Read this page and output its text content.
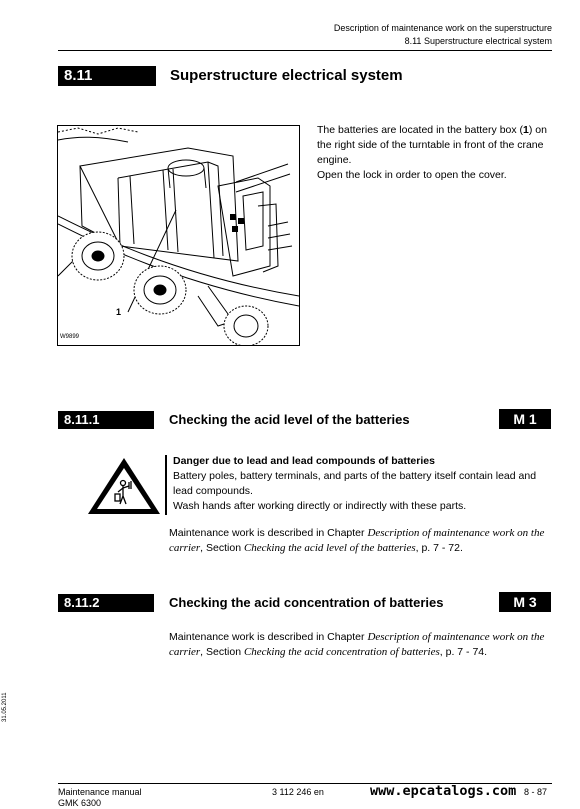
Description of maintenance work on the superstructure
8.11 Superstructure electrical system
8.11	Superstructure electrical system
1
W9899
The batteries are located in the battery box (1) on the right side of the turntable in front of the crane engine.
Open the lock in order to open the cover.
8.11.1	Checking the acid level of the batteries	M 1
Danger due to lead and lead compounds of batteries
Battery poles, battery terminals, and parts of the battery itself contain lead and lead compounds.
Wash hands after working directly or indirectly with these parts.
Maintenance work is described in Chapter Description of maintenance work on the carrier, Section Checking the acid level of the batteries, p. 7 - 72.
8.11.2	Checking the acid concentration of batteries	M 3
Maintenance work is described in Chapter Description of maintenance work on the carrier, Section Checking the acid concentration of batteries, p. 7 - 74.
31.05.2011
Maintenance manual
GMK 6300
3 112 246 en	www.epcatalogs.com 8 - 87
